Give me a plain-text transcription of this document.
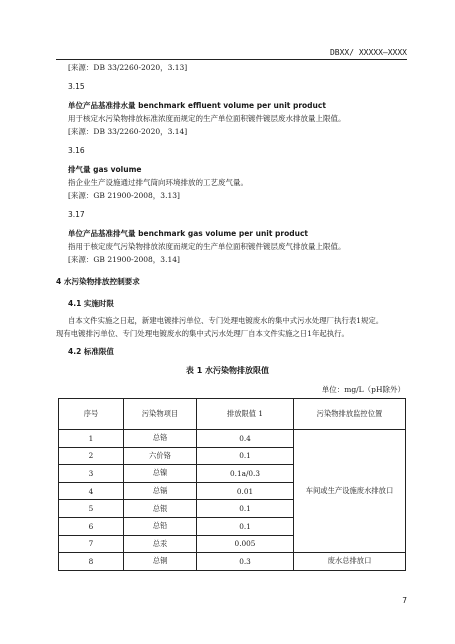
DBXX/ XXXXX—XXXX
[来源：DB 33/2260-2020，3.13]
3.15
单位产品基准排水量 benchmark effluent volume per unit product
用于核定水污染物排放标准浓度而规定的生产单位面积镀件镀层废水排放量上限值。
[来源：DB 33/2260-2020，3.14]
3.16
排气量 gas volume
指企业生产设施通过排气筒向环境排放的工艺废气量。
[来源：GB 21900-2008，3.13]
3.17
单位产品基准排气量 benchmark gas volume per unit product
指用于核定废气污染物排放浓度而规定的生产单位面积镀件镀层废气排放量上限值。
[来源：GB 21900-2008，3.14]
4 水污染物排放控制要求
4.1 实施时限
自本文件实施之日起，新建电镀排污单位、专门处理电镀废水的集中式污水处理厂执行表1规定。
现有电镀排污单位、专门处理电镀废水的集中式污水处理厂自本文件实施之日1年起执行。
4.2 标准限值
表 1 水污染物排放限值
单位：mg/L（pH除外）
序号	污染物项目	排放限值 1	污染物排放监控位置
1	总铬	0.4	车间或生产设施废水排放口
2	六价铬	0.1	
3	总镍	0.1a/0.3	
4	总镉	0.01	
5	总银	0.1	
6	总铅	0.1	
7	总汞	0.005	
8	总铜	0.3	废水总排放口
7
